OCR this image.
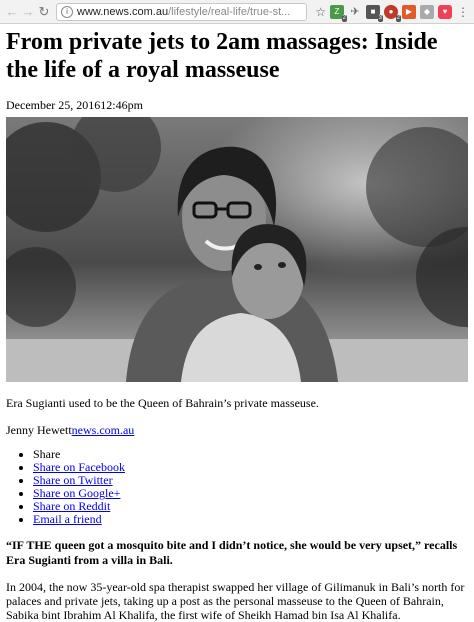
← → ↻	i www.news.com.au /lifestyle/real-life/true-st... ☆	Z
2 ✈	■
3
●
2
▶	◆	♥ ⋮
From private jets to 2am massages: Inside the life of a royal masseuse
December 25, 201612:46pm
Era Sugianti used to be the Queen of Bahrain’s private masseuse.
Jenny Hewettnews.com.au
• Share
• Share on Facebook
• Share on Twitter
• Share on Google+
• Share on Reddit
• Email a friend

“IF THE queen got a mosquito bite and I didn’t notice, she would be very upset,” recalls Era Sugianti from a villa in Bali.

In 2004, the now 35-year-old spa therapist swapped her village of Gilimanuk in Bali’s north for palaces and private jets, taking up a post as the personal masseuse to the Queen of Bahrain, Sabika bint Ibrahim Al Khalifa, the first wife of Sheikh Hamad bin Isa Al Khalifa.
